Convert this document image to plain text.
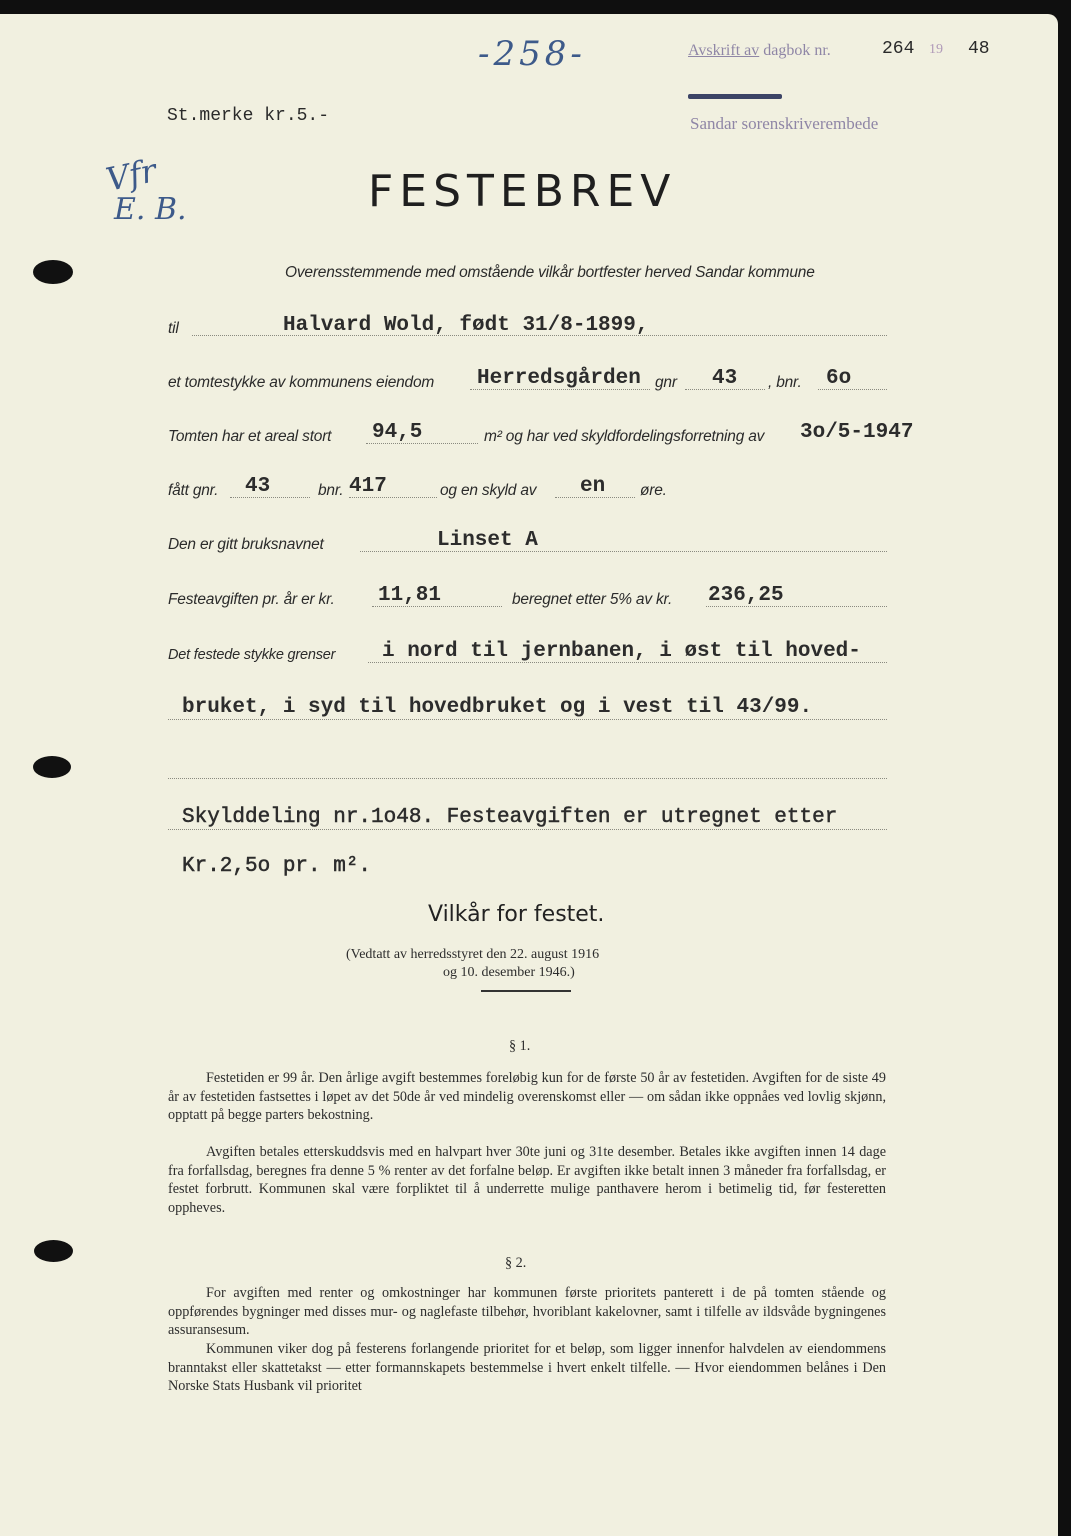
-258-	Avskrift av dagbok nr.	264 19 48
Sandar sorenskriverembede
St.merke kr.5.-
Vfr
E. B.	FESTEBREV
Overensstemmende med omstående vilkår bortfester herved Sandar kommune
til	Halvard Wold, født 31/8-1899,
et tomtestykke av kommunens eiendom Herredsgården gnr 43 , bnr. 6o
Tomten har et areal stort 94,5	m² og har ved skyldfordelingsforretning av 3o/5-1947
fått gnr. 43	bnr. 417	og en skyld av en øre.
Den er gitt bruksnavnet	Linset A
Festeavgiften pr. år er kr. 11,81	beregnet etter 5% av kr. 236,25
Det festede stykke grenser i nord til jernbanen, i øst til hoved-
bruket, i syd til hovedbruket og i vest til 43/99.
Skylddeling nr.1o48. Festeavgiften er utregnet etter
Kr.2,5o pr. m².
Vilkår for festet.
(Vedtatt av herredsstyret den 22. august 1916
og 10. desember 1946.)
§ 1.
Festetiden er 99 år. Den årlige avgift bestemmes foreløbig kun for de første 50 år av festetiden. Avgiften for de siste 49 år av festetiden fastsettes i løpet av det 50de år ved mindelig overenskomst eller — om sådan ikke oppnåes ved lovlig skjønn, opptatt på begge parters bekostning.
Avgiften betales etterskuddsvis med en halvpart hver 30te juni og 31te desember. Betales ikke avgiften innen 14 dage fra forfallsdag, beregnes fra denne 5 % renter av det forfalne beløp. Er avgiften ikke betalt innen 3 måneder fra forfallsdag, er festet forbrutt. Kommunen skal være forpliktet til å underrette mulige panthavere herom i betimelig tid, før festeretten oppheves.
§ 2.
For avgiften med renter og omkostninger har kommunen første prioritets panterett i de på tomten stående og oppførendes bygninger med disses mur- og naglefaste tilbehør, hvoriblant kakelovner, samt i tilfelle av ildsvåde bygningenes assuransesum.
Kommunen viker dog på festerens forlangende prioritet for et beløp, som ligger innenfor halvdelen av eiendommens branntakst eller skattetakst — etter formannskapets bestemmelse i hvert enkelt tilfelle. — Hvor eiendommen belånes i Den Norske Stats Husbank vil prioritet
